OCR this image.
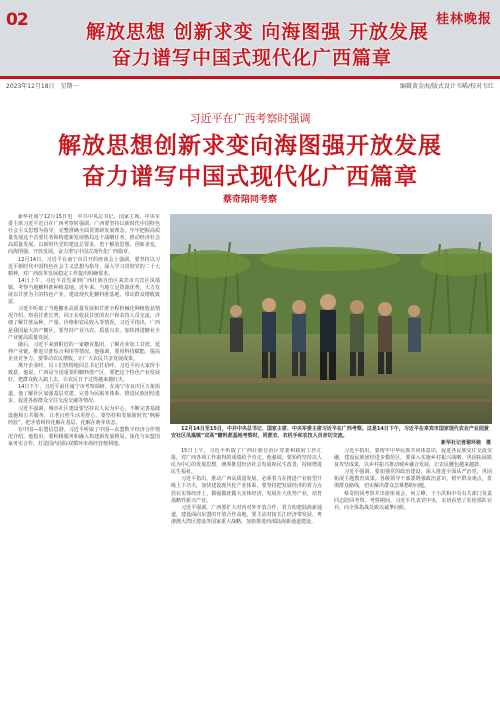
02	桂林晚报
解放思想 创新求变 向海图强 开放发展
奋力谱写中国式现代化广西篇章
2023年12月18日　星期一	编辑黄金海/版式设计韦晞/校对韦红
习近平在广西考察时强调
解放思想创新求变向海图强开放发展
奋力谱写中国式现代化广西篇章
蔡奇陪同考察

新华社南宁12月15日电　中共中央总书记、国家主席、中央军委主席习近平近日在广西考察时强调，广西要坚持以新时代中国特色社会主义思想为指导，完整准确全面贯彻新发展理念，牢牢把握高质量发展这个首要任务和构建新发展格局这个战略任务，推动经济社会高质量发展，以新时代党的建设总要求，勇于解放思想、创新求变，向海图强、开放发展，奋力谱写中国式现代化广西篇章。

12月14日，习近平在南宁市召开的座谈会上强调，要坚持以习近平新时代中国特色社会主义思想为指导，深入学习贯彻党的二十大精神，对广西改革发展稳定工作提出明确要求。

14日上午，习近平首先来到广西壮族自治区来宾市兴宾区凤凰镇，考察当地糖料蔗种植基地。近年来，当地立足资源优势，大力发展以甘蔗为主的特色产业，建设现代化糖料蔗基地，带动群众增收致富。

习近平听取了当地糖业高质量发展和甘蔗全程机械化种植收获情况介绍，察看甘蔗长势，同正在收获甘蔗的农户和农技人员交流，详细了解甘蔗品种、产量、价格和农民收入等情况。习近平指出，广西是我国最大的产糖区，要坚持产业兴农、质量兴农，加快推进糖业全产业链高质量发展。

随后，习近平来到附近的一家糖业集团，了解企业加工甘蔗、延伸产业链、推进甘蔗综合利用等情况。他强调，要用科技赋能，提高企业竞争力，要带动农民增收，让广大农民共享发展成果。

离开企业时，员工们热情地同总书记打招呼。习近平向大家挥手致意，他说，广西是全国重要的糖料蔗产区，要把这个特色产业发展好，把群众收入搞上去，让农民日子过得越来越红火。

14日下午，习近平前往南宁市考察调研。在南宁市良庆区五象街道，他了解社区加强基层党建、完善为民服务体系、推进民族团结进步、促进各族群众交往交流交融等情况。

习近平强调，城市社区建设要坚持以人民为中心，不断完善基础设施和公共服务，让老百姓生活更舒心。要坚持和发展新时代“枫桥经验”，把矛盾纠纷化解在基层、化解在萌芽状态。

在中国—东盟信息港，习近平听取了中国—东盟数字经济合作情况介绍。他指出，要积极服务和融入构建新发展格局，深化与东盟国家务实合作，打造国内国际双循环市场经营便利地。

12月14日至15日，中共中央总书记、国家主席、中央军委主席习近平在广西考察。这是14日下午，习近平在来宾市国家现代农业产业园黄安社区凤凰镇“双高”糖料蔗基地考察时，同蔗农、农机手和农技人员亲切交流。
新华社记者谢环驰　摄

15日上午，习近平听取了广西壮族自治区党委和政府工作汇报，对广西各项工作取得的成绩给予肯定。他强调，要始终坚持以人民为中心的发展思想，统筹推进经济社会发展和民生改善，持续增进民生福祉。

习近平指出，推动广西高质量发展，必须着力在推进产业转型升级上下功夫，加快建设现代化产业体系。要坚持把发展经济的着力点放在实体经济上，做强做优做大实体经济，发展壮大优势产业，培育战略性新兴产业。

习近平强调，广西要扩大对内对外开放合作，着力构建陆海新通道，建设面向东盟的开放合作高地。要主动对接长江经济带发展、粤港澳大湾区建设等国家重大战略，加快推进西部陆海新通道建设。

习近平指出，要铸牢中华民族共同体意识，促进各民族交往交流交融，建设民族团结进步模范区。要深入实施乡村振兴战略，巩固拓展脱贫攻坚成果，以乡村振兴推动城乡融合发展，让农民腰包越来越鼓。

习近平强调，要加强党的政治建设，深入推进全面从严治党，巩固拓展主题教育成果。各级领导干部要增强政治意识，树牢群众观点，贯彻群众路线，切实解决群众急难愁盼问题。

蔡奇陪同考察并出席座谈会，何立峰、王小洪和中央有关部门负责同志陪同考察。考察期间，习近平代表党中央，亲切看望了驻桂部队官兵，向全体指战员致以诚挚问候。
